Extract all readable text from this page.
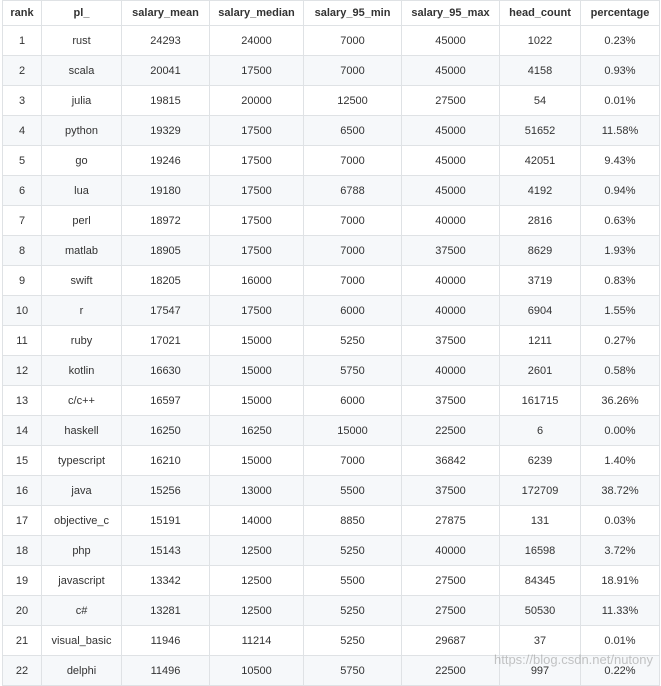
rank	pl_	salary_mean	salary_median	salary_95_min	salary_95_max	head_count	percentage
1	rust	24293	24000	7000	45000	1022	0.23%
2	scala	20041	17500	7000	45000	4158	0.93%
3	julia	19815	20000	12500	27500	54	0.01%
4	python	19329	17500	6500	45000	51652	11.58%
5	go	19246	17500	7000	45000	42051	9.43%
6	lua	19180	17500	6788	45000	4192	0.94%
7	perl	18972	17500	7000	40000	2816	0.63%
8	matlab	18905	17500	7000	37500	8629	1.93%
9	swift	18205	16000	7000	40000	3719	0.83%
10	r	17547	17500	6000	40000	6904	1.55%
11	ruby	17021	15000	5250	37500	1211	0.27%
12	kotlin	16630	15000	5750	40000	2601	0.58%
13	c/c++	16597	15000	6000	37500	161715	36.26%
14	haskell	16250	16250	15000	22500	6	0.00%
15	typescript	16210	15000	7000	36842	6239	1.40%
16	java	15256	13000	5500	37500	172709	38.72%
17	objective_c	15191	14000	8850	27875	131	0.03%
18	php	15143	12500	5250	40000	16598	3.72%
19	javascript	13342	12500	5500	27500	84345	18.91%
20	c#	13281	12500	5250	27500	50530	11.33%
21	visual_basic	11946	11214	5250	29687	37	0.01%
22	delphi	11496	10500	5750	22500	997	0.22%
https://blog.csdn.net/nutony
